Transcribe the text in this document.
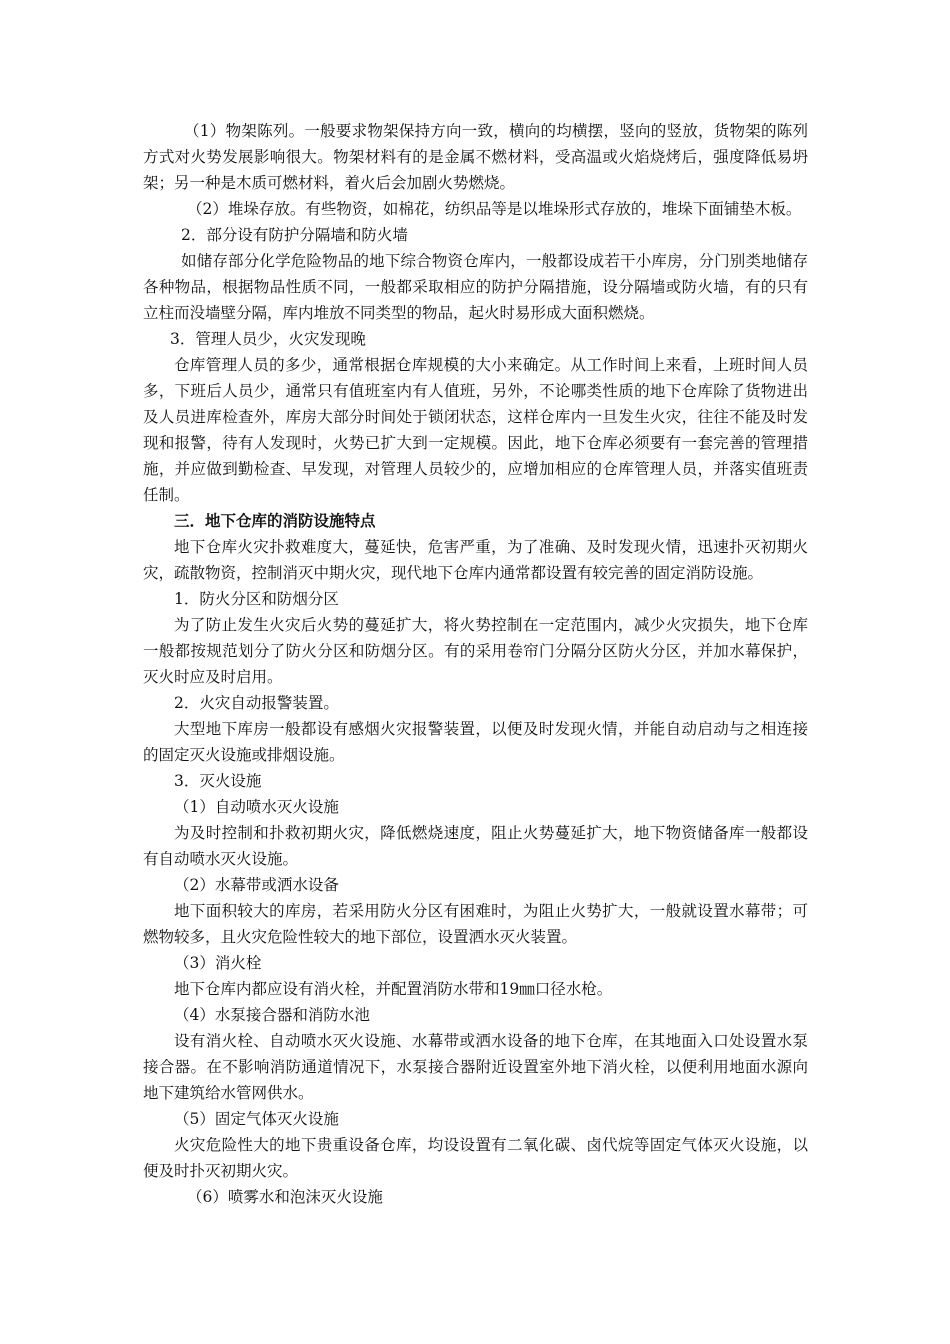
（1）物架陈列。一般要求物架保持方向一致，横向的均横摆，竖向的竖放，货物架的陈列方式对火势发展影响很大。物架材料有的是金属不燃材料，受高温或火焰烧烤后，强度降低易坍架；另一种是木质可燃材料，着火后会加剧火势燃烧。

（2）堆垛存放。有些物资，如棉花，纺织品等是以堆垛形式存放的，堆垛下面铺垫木板。

2．部分设有防护分隔墙和防火墙

如储存部分化学危险物品的地下综合物资仓库内，一般都设成若干小库房，分门别类地储存各种物品，根据物品性质不同，一般都采取相应的防护分隔措施，设分隔墙或防火墙，有的只有立柱而没墙壁分隔，库内堆放不同类型的物品，起火时易形成大面积燃烧。

3．管理人员少，火灾发现晚

仓库管理人员的多少，通常根据仓库规模的大小来确定。从工作时间上来看，上班时间人员多，下班后人员少，通常只有值班室内有人值班，另外，不论哪类性质的地下仓库除了货物进出及人员进库检查外，库房大部分时间处于锁闭状态，这样仓库内一旦发生火灾，往往不能及时发现和报警，待有人发现时，火势已扩大到一定规模。因此，地下仓库必须要有一套完善的管理措施，并应做到勤检查、早发现，对管理人员较少的，应增加相应的仓库管理人员，并落实值班责任制。

三．地下仓库的消防设施特点

地下仓库火灾扑救难度大，蔓延快，危害严重，为了准确、及时发现火情，迅速扑灭初期火灾，疏散物资，控制消灭中期火灾，现代地下仓库内通常都设置有较完善的固定消防设施。

1．防火分区和防烟分区

为了防止发生火灾后火势的蔓延扩大，将火势控制在一定范围内，减少火灾损失，地下仓库一般都按规范划分了防火分区和防烟分区。有的采用卷帘门分隔分区防火分区，并加水幕保护，灭火时应及时启用。

2．火灾自动报警装置。

大型地下库房一般都设有感烟火灾报警装置，以便及时发现火情，并能自动启动与之相连接的固定灭火设施或排烟设施。

3．灭火设施

（1）自动喷水灭火设施

为及时控制和扑救初期火灾，降低燃烧速度，阻止火势蔓延扩大，地下物资储备库一般都设有自动喷水灭火设施。

（2）水幕带或洒水设备

地下面积较大的库房，若采用防火分区有困难时，为阻止火势扩大，一般就设置水幕带；可燃物较多，且火灾危险性较大的地下部位，设置洒水灭火装置。

（3）消火栓

地下仓库内都应设有消火栓，并配置消防水带和19㎜口径水枪。

（4）水泵接合器和消防水池

设有消火栓、自动喷水灭火设施、水幕带或洒水设备的地下仓库，在其地面入口处设置水泵接合器。在不影响消防通道情况下，水泵接合器附近设置室外地下消火栓，以便利用地面水源向地下建筑给水管网供水。

（5）固定气体灭火设施

火灾危险性大的地下贵重设备仓库，均设设置有二氧化碳、卤代烷等固定气体灭火设施，以便及时扑灭初期火灾。

（6）喷雾水和泡沫灭火设施
